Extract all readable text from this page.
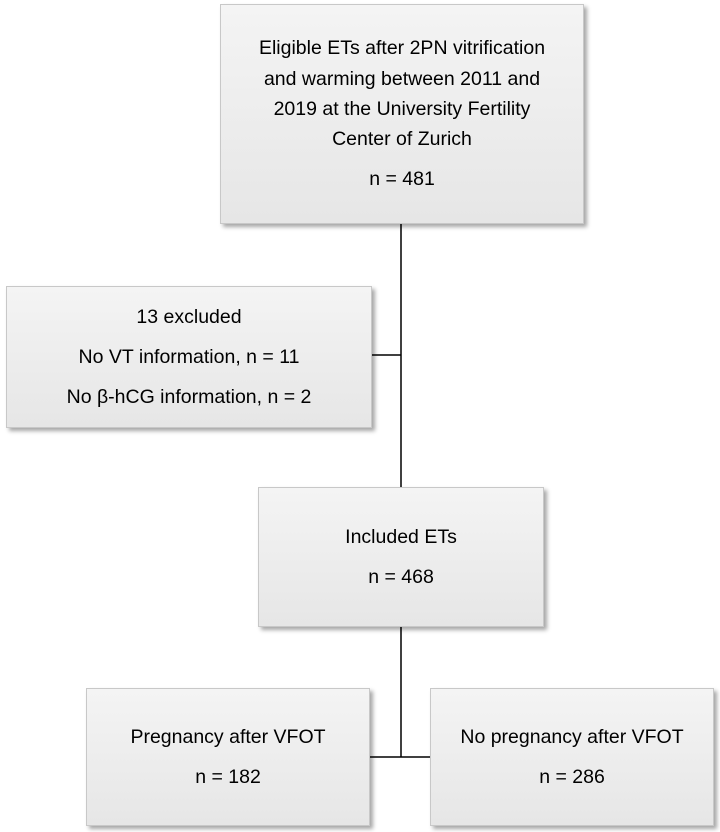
Eligible ETs after 2PN vitrification
and warming between 2011 and
2019 at the University Fertility
Center of Zurich
n = 481
13 excluded
No VT information, n = 11
No β-hCG information, n = 2
Included ETs
n = 468
Pregnancy after VFOT
n = 182
No pregnancy after VFOT
n = 286
